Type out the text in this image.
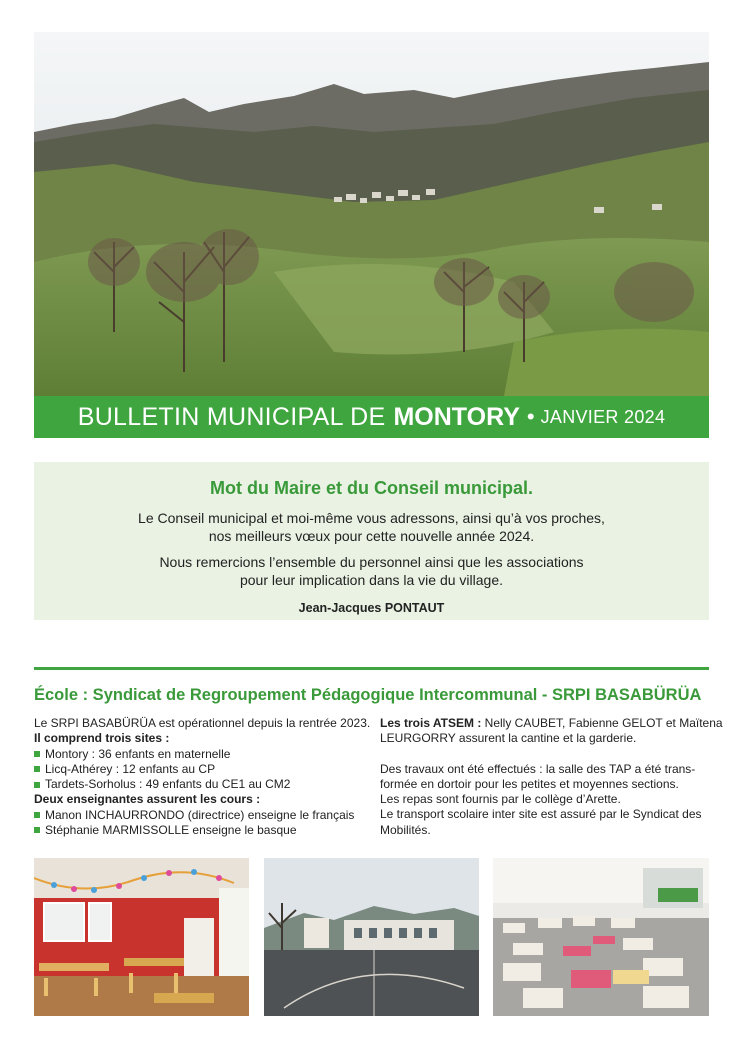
BULLETIN MUNICIPAL DE MONTORY • JANVIER 2024
Mot du Maire et du Conseil municipal.

Le Conseil municipal et moi-même vous adressons, ainsi qu’à vos proches,
nos meilleurs vœux pour cette nouvelle année 2024.

Nous remercions l’ensemble du personnel ainsi que les associations
pour leur implication dans la vie du village.

Jean-Jacques PONTAUT

École : Syndicat de Regroupement Pédagogique Intercommunal - SRPI BASABÜRÜA
Le SRPI BASABÜRÜA est opérationnel depuis la rentrée 2023.
Il comprend trois sites :
Montory : 36 enfants en maternelle
Licq-Athérey : 12 enfants au CP
Tardets-Sorholus : 49 enfants du CE1 au CM2
Deux enseignantes assurent les cours :
Manon INCHAURRONDO (directrice) enseigne le français
Stéphanie MARMISSOLLE enseigne le basque
Les trois ATSEM : Nelly CAUBET, Fabienne GELOT et Maïtena
LEURGORRY assurent la cantine et la garderie.
Des travaux ont été effectués : la salle des TAP a été trans-
formée en dortoir pour les petites et moyennes sections.
Les repas sont fournis par le collège d’Arette.
Le transport scolaire inter site est assuré par le Syndicat des
Mobilités.
